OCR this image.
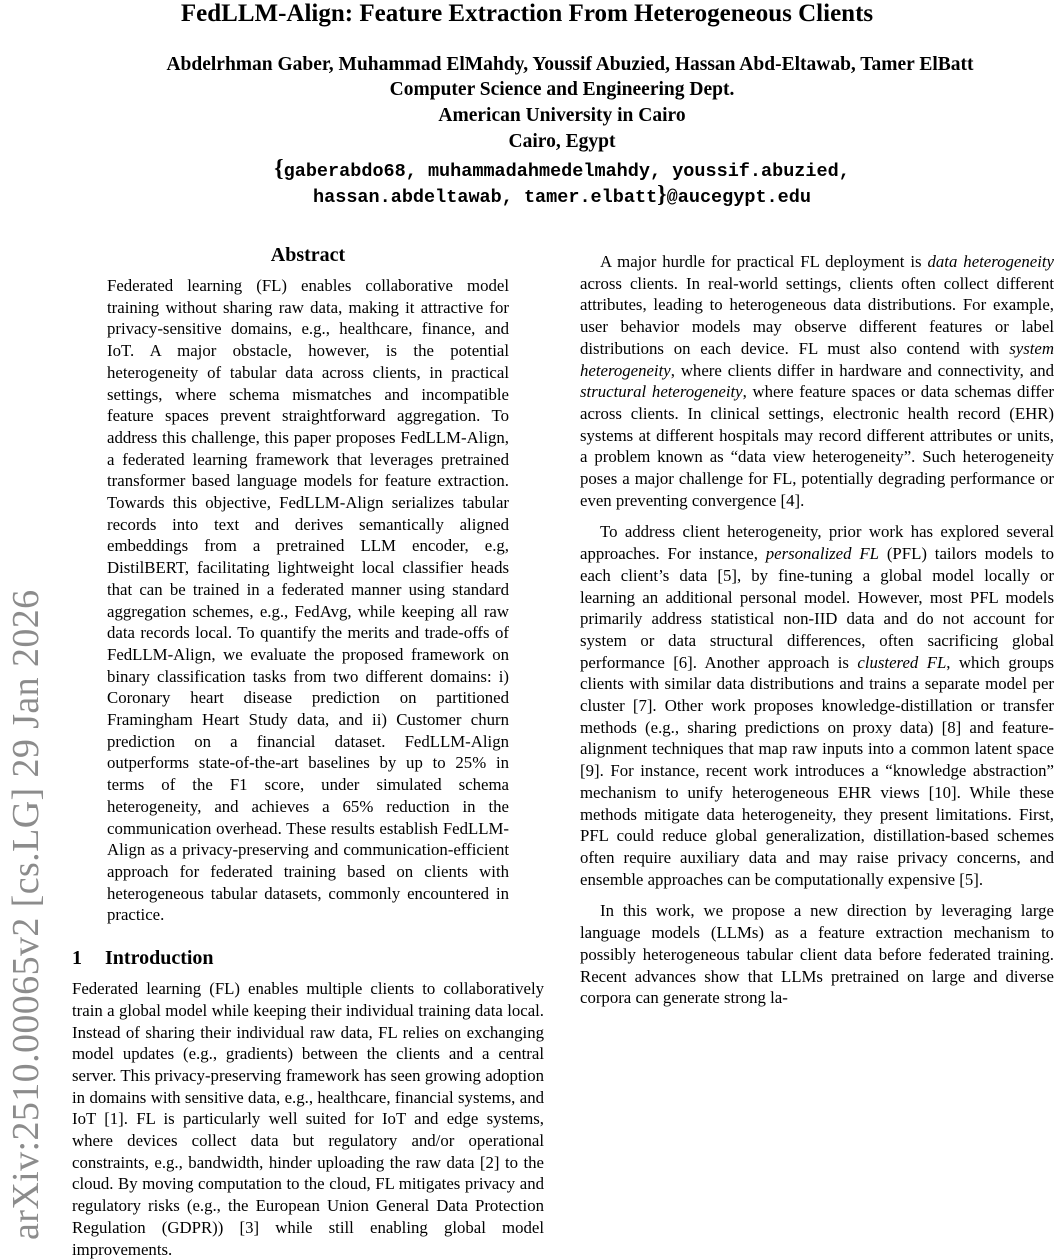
FedLLM-Align: Feature Extraction From Heterogeneous Clients
Abdelrhman Gaber, Muhammad ElMahdy, Youssif Abuzied, Hassan Abd-Eltawab, Tamer ElBatt
Computer Science and Engineering Dept.
American University in Cairo
Cairo, Egypt
{gaberabdo68, muhammadahmedelmahdy, youssif.abuzied,
hassan.abdeltawab, tamer.elbatt}@aucegypt.edu
arXiv:2510.00065v2 [cs.LG] 29 Jan 2026
Abstract

Federated learning (FL) enables collaborative model training without sharing raw data, making it attractive for privacy-sensitive domains, e.g., healthcare, finance, and IoT. A major obstacle, however, is the potential heterogeneity of tabular data across clients, in practical settings, where schema mismatches and incompatible feature spaces prevent straightforward aggregation. To address this challenge, this paper proposes FedLLM-Align, a federated learning framework that leverages pretrained transformer based language models for feature extraction. Towards this objective, FedLLM-Align serializes tabular records into text and derives semantically aligned embeddings from a pretrained LLM encoder, e.g, DistilBERT, facilitating lightweight local classifier heads that can be trained in a federated manner using standard aggregation schemes, e.g., FedAvg, while keeping all raw data records local. To quantify the merits and trade-offs of FedLLM-Align, we evaluate the proposed framework on binary classification tasks from two different domains: i) Coronary heart disease prediction on partitioned Framingham Heart Study data, and ii) Customer churn prediction on a financial dataset. FedLLM-Align outperforms state-of-the-art baselines by up to 25% in terms of the F1 score, under simulated schema heterogeneity, and achieves a 65% reduction in the communication overhead. These results establish FedLLM-Align as a privacy-preserving and communication-efficient approach for federated training based on clients with heterogeneous tabular datasets, commonly encountered in practice.

1 Introduction

Federated learning (FL) enables multiple clients to collaboratively train a global model while keeping their individual training data local. Instead of sharing their individual raw data, FL relies on exchanging model updates (e.g., gradients) between the clients and a central server. This privacy-preserving framework has seen growing adoption in domains with sensitive data, e.g., healthcare, financial systems, and IoT [1]. FL is particularly well suited for IoT and edge systems, where devices collect data but regulatory and/or operational constraints, e.g., bandwidth, hinder uploading the raw data [2] to the cloud. By moving computation to the cloud, FL mitigates privacy and regulatory risks (e.g., the European Union General Data Protection Regulation (GDPR)) [3] while still enabling global model improvements.

A major hurdle for practical FL deployment is data heterogeneity across clients. In real-world settings, clients often collect different attributes, leading to heterogeneous data distributions. For example, user behavior models may observe different features or label distributions on each device. FL must also contend with system heterogeneity, where clients differ in hardware and connectivity, and structural heterogeneity, where feature spaces or data schemas differ across clients. In clinical settings, electronic health record (EHR) systems at different hospitals may record different attributes or units, a problem known as “data view heterogeneity”. Such heterogeneity poses a major challenge for FL, potentially degrading performance or even preventing convergence [4].

To address client heterogeneity, prior work has explored several approaches. For instance, personalized FL (PFL) tailors models to each client’s data [5], by fine-tuning a global model locally or learning an additional personal model. However, most PFL models primarily address statistical non-IID data and do not account for system or data structural differences, often sacrificing global performance [6]. Another approach is clustered FL, which groups clients with similar data distributions and trains a separate model per cluster [7]. Other work proposes knowledge-distillation or transfer methods (e.g., sharing predictions on proxy data) [8] and feature-alignment techniques that map raw inputs into a common latent space [9]. For instance, recent work introduces a “knowledge abstraction” mechanism to unify heterogeneous EHR views [10]. While these methods mitigate data heterogeneity, they present limitations. First, PFL could reduce global generalization, distillation-based schemes often require auxiliary data and may raise privacy concerns, and ensemble approaches can be computationally expensive [5].

In this work, we propose a new direction by leveraging large language models (LLMs) as a feature extraction mechanism to possibly heterogeneous tabular client data before federated training. Recent advances show that LLMs pretrained on large and diverse corpora can generate strong la-
